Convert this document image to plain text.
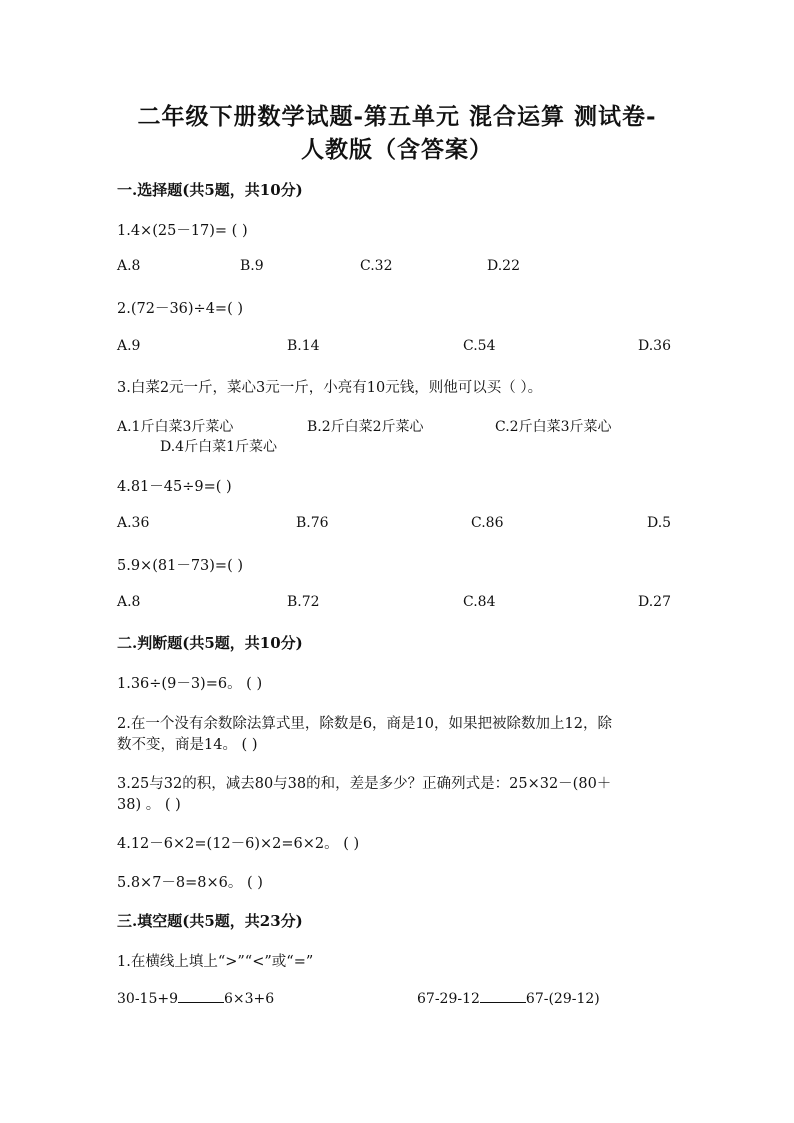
二年级下册数学试题-第五单元 混合运算 测试卷-
人教版（含答案）
一.选择题(共5题，共10分)
1.4×(25－17)= ( )
A.8	B.9	C.32	D.22
2.(72－36)÷4=( )
A.9	B.14	C.54	D.36
3.白菜2元一斤，菜心3元一斤，小亮有10元钱，则他可以买（ ）。
A.1斤白菜3斤菜心	B.2斤白菜2斤菜心	C.2斤白菜3斤菜心
D.4斤白菜1斤菜心
4.81－45÷9=( )
A.36	B.76	C.86	D.5
5.9×(81－73)=( )
A.8	B.72	C.84	D.27
二.判断题(共5题，共10分)
1.36÷(9－3)=6。 ( )
2.在一个没有余数除法算式里，除数是6，商是10，如果把被除数加上12，除
数不变，商是14。 ( )
3.25与32的积，减去80与38的和，差是多少？正确列式是：25×32－(80＋
38) 。 ( )
4.12－6×2=(12－6)×2=6×2。 ( )
5.8×7－8=8×6。 ( )
三.填空题(共5题，共23分)
1.在横线上填上“>”“<”或“=”
30-15+9	6×3+6	67-29-12	67-(29-12)
